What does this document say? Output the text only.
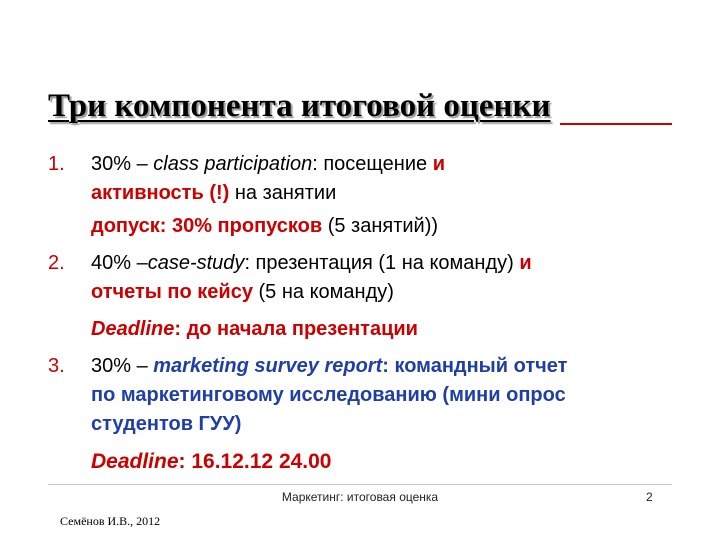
Три компонента итоговой оценки
1. 30% – class participation: посещение и
активность (!) на занятии
допуск: 30% пропусков (5 занятий))
2. 40% –case-study: презентация (1 на команду) и
отчеты по кейсу (5 на команду)
Deadline: до начала презентации
3. 30% – marketing survey report: командный отчет
по маркетинговому исследованию (мини опрос
студентов ГУУ)
Deadline: 16.12.12 24.00
Маркетинг: итоговая оценка	2
Семёнов И.В., 2012
